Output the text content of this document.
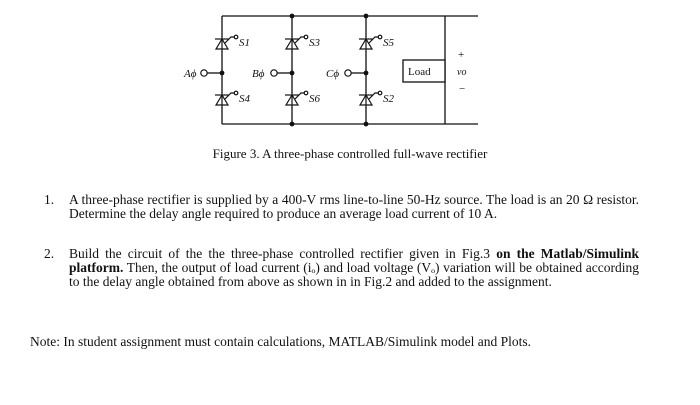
Aϕ	Bϕ	Cϕ
S1	S3	S5
S4	S6	S2
Load
+
vo
−
Figure 3. A three-phase controlled full-wave rectifier
1. A three-phase rectifier is supplied by a 400-V rms line-to-line 50-Hz source. The load is an 20 Ω resistor. Determine the delay angle required to produce an average load current of 10 A.
2. Build the circuit of the the three-phase controlled rectifier given in Fig.3 on the Matlab/Simulink platform. Then, the output of load current (iₒ) and load voltage (Vₒ) variation will be obtained according to the delay angle obtained from above as shown in in Fig.2 and added to the assignment.
Note: In student assignment must contain calculations, MATLAB/Simulink model and Plots.
